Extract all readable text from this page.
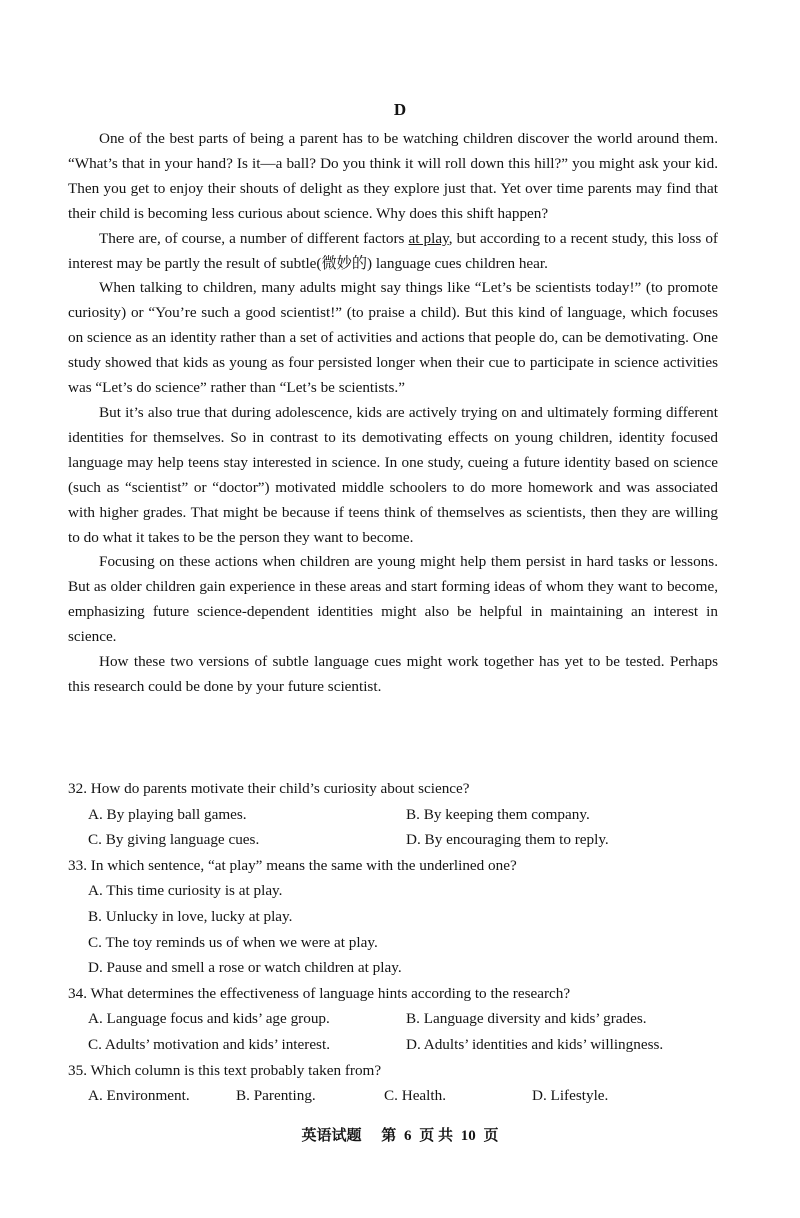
D

One of the best parts of being a parent has to be watching children discover the world around them. “What’s that in your hand? Is it—a ball? Do you think it will roll down this hill?” you might ask your kid. Then you get to enjoy their shouts of delight as they explore just that. Yet over time parents may find that their child is becoming less curious about science. Why does this shift happen?

There are, of course, a number of different factors at play, but according to a recent study, this loss of interest may be partly the result of subtle(微妙的) language cues children hear.

When talking to children, many adults might say things like “Let’s be scientists today!” (to promote curiosity) or “You’re such a good scientist!” (to praise a child). But this kind of language, which focuses on science as an identity rather than a set of activities and actions that people do, can be demotivating. One study showed that kids as young as four persisted longer when their cue to participate in science activities was “Let’s do science” rather than “Let’s be scientists.”

But it’s also true that during adolescence, kids are actively trying on and ultimately forming different identities for themselves. So in contrast to its demotivating effects on young children, identity focused language may help teens stay interested in science. In one study, cueing a future identity based on science (such as “scientist” or “doctor”) motivated middle schoolers to do more homework and was associated with higher grades. That might be because if teens think of themselves as scientists, then they are willing to do what it takes to be the person they want to become.

Focusing on these actions when children are young might help them persist in hard tasks or lessons. But as older children gain experience in these areas and start forming ideas of whom they want to become, emphasizing future science-dependent identities might also be helpful in maintaining an interest in science.

How these two versions of subtle language cues might work together has yet to be tested. Perhaps this research could be done by your future scientist.

32. How do parents motivate their child’s curiosity about science?
A. By playing ball games.	B. By keeping them company.
C. By giving language cues.	D. By encouraging them to reply.
33. In which sentence, “at play” means the same with the underlined one?
A. This time curiosity is at play.
B. Unlucky in love, lucky at play.
C. The toy reminds us of when we were at play.
D. Pause and smell a rose or watch children at play.
34. What determines the effectiveness of language hints according to the research?
A. Language focus and kids’ age group.	B. Language diversity and kids’ grades.
C. Adults’ motivation and kids’ interest.	D. Adults’ identities and kids’ willingness.
35. Which column is this text probably taken from?
A. Environment.	B. Parenting.	C. Health.	D. Lifestyle.
英语试题 第 6 页 共 10 页
